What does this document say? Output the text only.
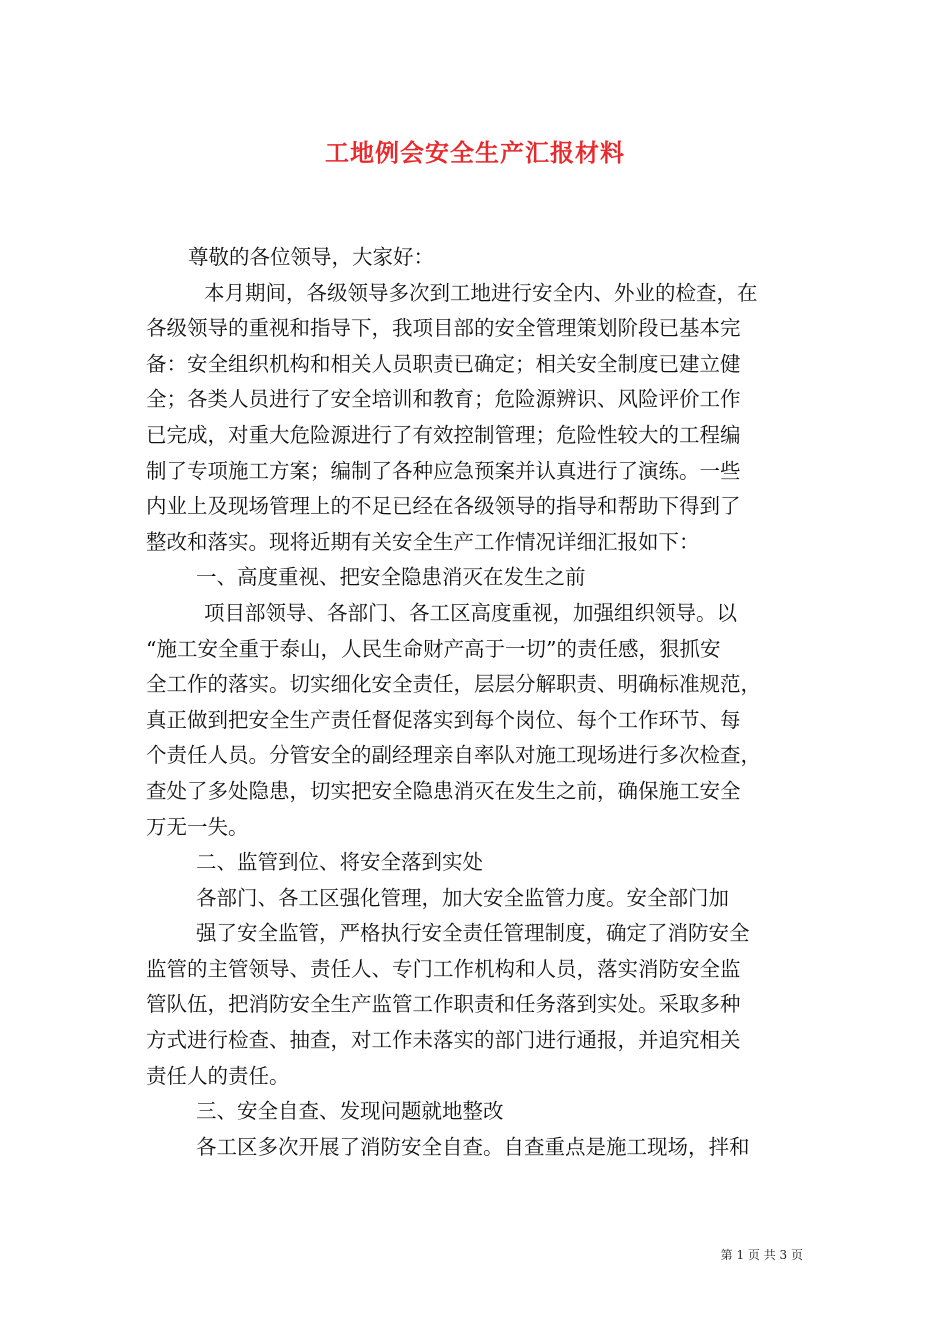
工地例会安全生产汇报材料
尊敬的各位领导，大家好：
本月期间，各级领导多次到工地进行安全内、外业的检查，在
各级领导的重视和指导下，我项目部的安全管理策划阶段已基本完
备：安全组织机构和相关人员职责已确定；相关安全制度已建立健
全；各类人员进行了安全培训和教育；危险源辨识、风险评价工作
已完成，对重大危险源进行了有效控制管理；危险性较大的工程编
制了专项施工方案；编制了各种应急预案并认真进行了演练。一些
内业上及现场管理上的不足已经在各级领导的指导和帮助下得到了
整改和落实。现将近期有关安全生产工作情况详细汇报如下：
一、高度重视、把安全隐患消灭在发生之前
项目部领导、各部门、各工区高度重视，加强组织领导。以
“施工安全重于泰山，人民生命财产高于一切”的责任感，狠抓安
全工作的落实。切实细化安全责任，层层分解职责、明确标准规范，
真正做到把安全生产责任督促落实到每个岗位、每个工作环节、每
个责任人员。分管安全的副经理亲自率队对施工现场进行多次检查，
查处了多处隐患，切实把安全隐患消灭在发生之前，确保施工安全
万无一失。
二、监管到位、将安全落到实处
各部门、各工区强化管理，加大安全监管力度。安全部门加
强了安全监管，严格执行安全责任管理制度，确定了消防安全
监管的主管领导、责任人、专门工作机构和人员，落实消防安全监
管队伍，把消防安全生产监管工作职责和任务落到实处。采取多种
方式进行检查、抽查，对工作未落实的部门进行通报，并追究相关
责任人的责任。
三、安全自查、发现问题就地整改
各工区多次开展了消防安全自查。自查重点是施工现场，拌和
第 1 页 共 3 页
